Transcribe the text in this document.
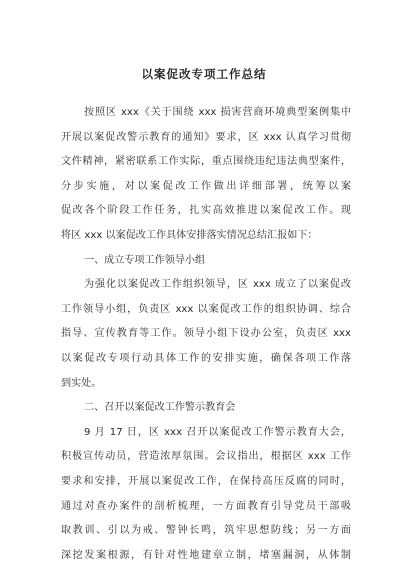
以案促改专项工作总结
按照区 xxx《关于围绕 xxx 损害营商环境典型案例集中
开展以案促改警示教育的通知》要求，区 xxx 认真学习贯彻
文件精神，紧密联系工作实际，重点围绕违纪违法典型案件，
分步实施，对以案促改工作做出详细部署，统筹以案
促改各个阶段工作任务，扎实高效推进以案促改工作。现
将区 xxx 以案促改工作具体安排落实情况总结汇报如下：
一、成立专项工作领导小组
为强化以案促改工作组织领导，区 xxx 成立了以案促改
工作领导小组，负责区 xxx 以案促改工作的组织协调、综合
指导、宣传教育等工作。领导小组下设办公室，负责区 xxx
以案促改专项行动具体工作的安排实施，确保各项工作落
到实处。
二、召开以案促改工作警示教育会
9 月 17 日，区 xxx 召开以案促改工作警示教育大会，
积极宣传动员，营造浓厚氛围。会议指出，根据区 xxx 工作
要求和安排，开展以案促改工作，在保持高压反腐的同时，
通过对查办案件的剖析梳理，一方面教育引导党员干部吸
取教训、引以为戒、警钟长鸣，筑牢思想防线；另一方面
深挖发案根源，有针对性地建章立制，堵塞漏洞，从体制
